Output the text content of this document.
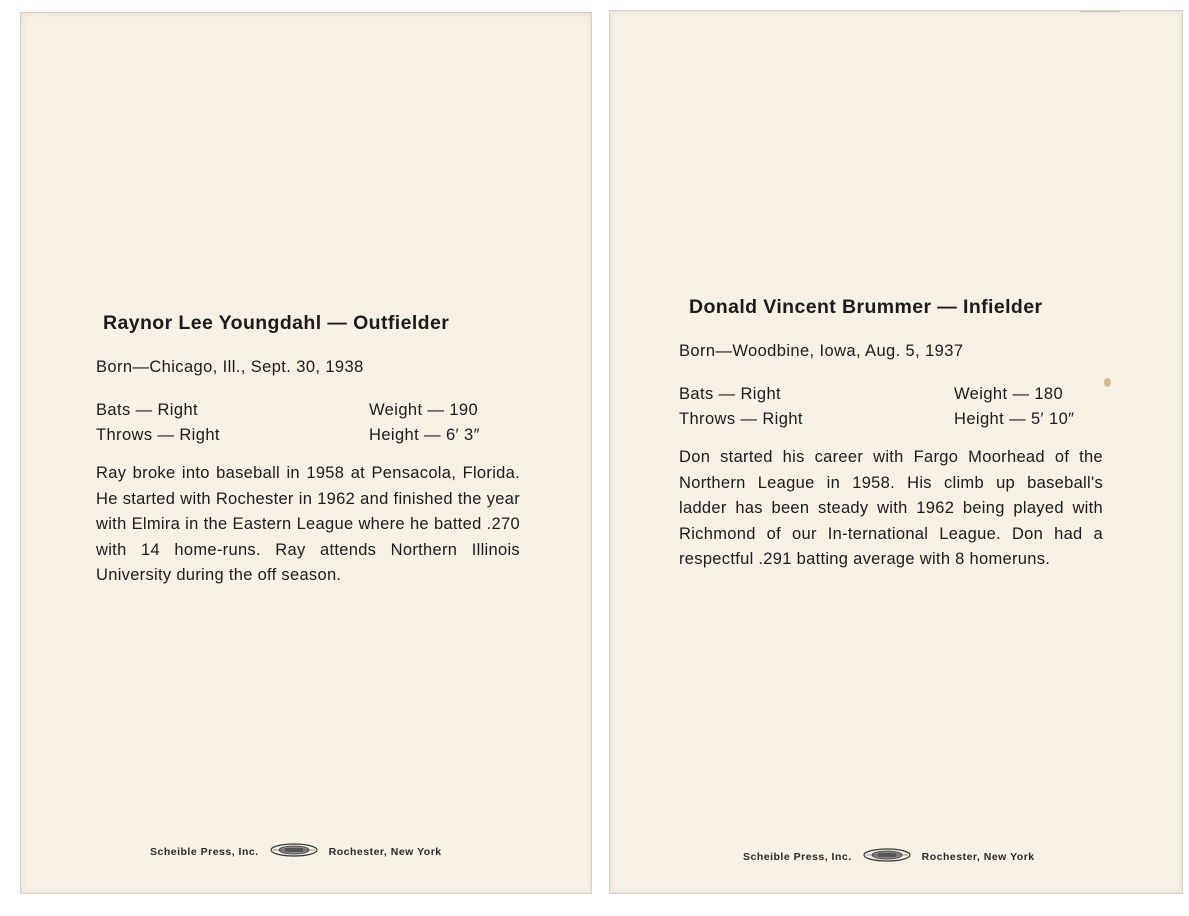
Raynor Lee Youngdahl — Outfielder
Born—Chicago, Ill., Sept. 30, 1938
Bats — Right
Throws — Right
Weight — 190
Height — 6′ 3″
Ray broke into baseball in 1958 at Pensacola, Florida. He started with Rochester in 1962 and finished the year with Elmira in the Eastern League where he batted .270 with 14 home-runs. Ray attends Northern Illinois University during the off season.
Scheible Press, Inc.	Rochester, New York
Donald Vincent Brummer — Infielder
Born—Woodbine, Iowa, Aug. 5, 1937
Bats — Right
Throws — Right
Weight — 180
Height — 5′ 10″
Don started his career with Fargo Moorhead of the Northern League in 1958. His climb up baseball's ladder has been steady with 1962 being played with Richmond of our In-ternational League. Don had a respectful .291 batting average with 8 homeruns.
Scheible Press, Inc.	Rochester, New York
